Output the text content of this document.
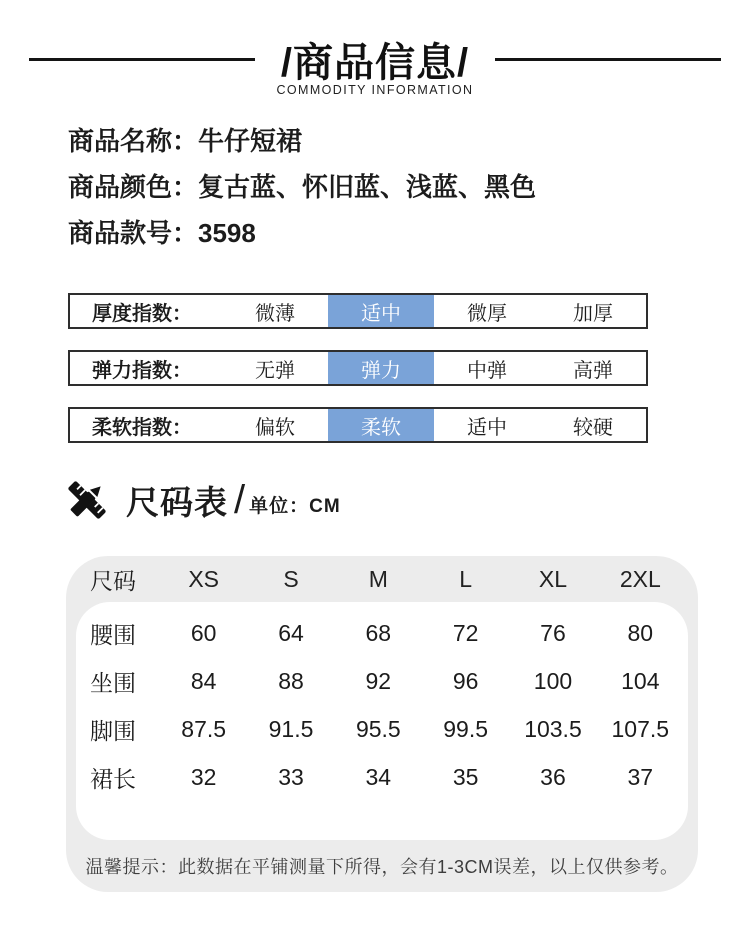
/商品信息/
COMMODITY INFORMATION
商品名称：牛仔短裙
商品颜色：复古蓝、怀旧蓝、浅蓝、黑色
商品款号：3598
厚度指数：	微薄	适中	微厚	加厚
弹力指数：	无弹	弹力	中弹	高弹
柔软指数：	偏软	柔软	适中	较硬
尺码表 / 单位：CM
尺码	XS	S	M	L	XL	2XL
腰围	60	64	68	72	76	80
坐围	84	88	92	96	100	104
脚围	87.5	91.5	95.5	99.5	103.5	107.5
裙长	32	33	34	35	36	37
温馨提示：此数据在平铺测量下所得，会有1-3CM误差，以上仅供参考。
